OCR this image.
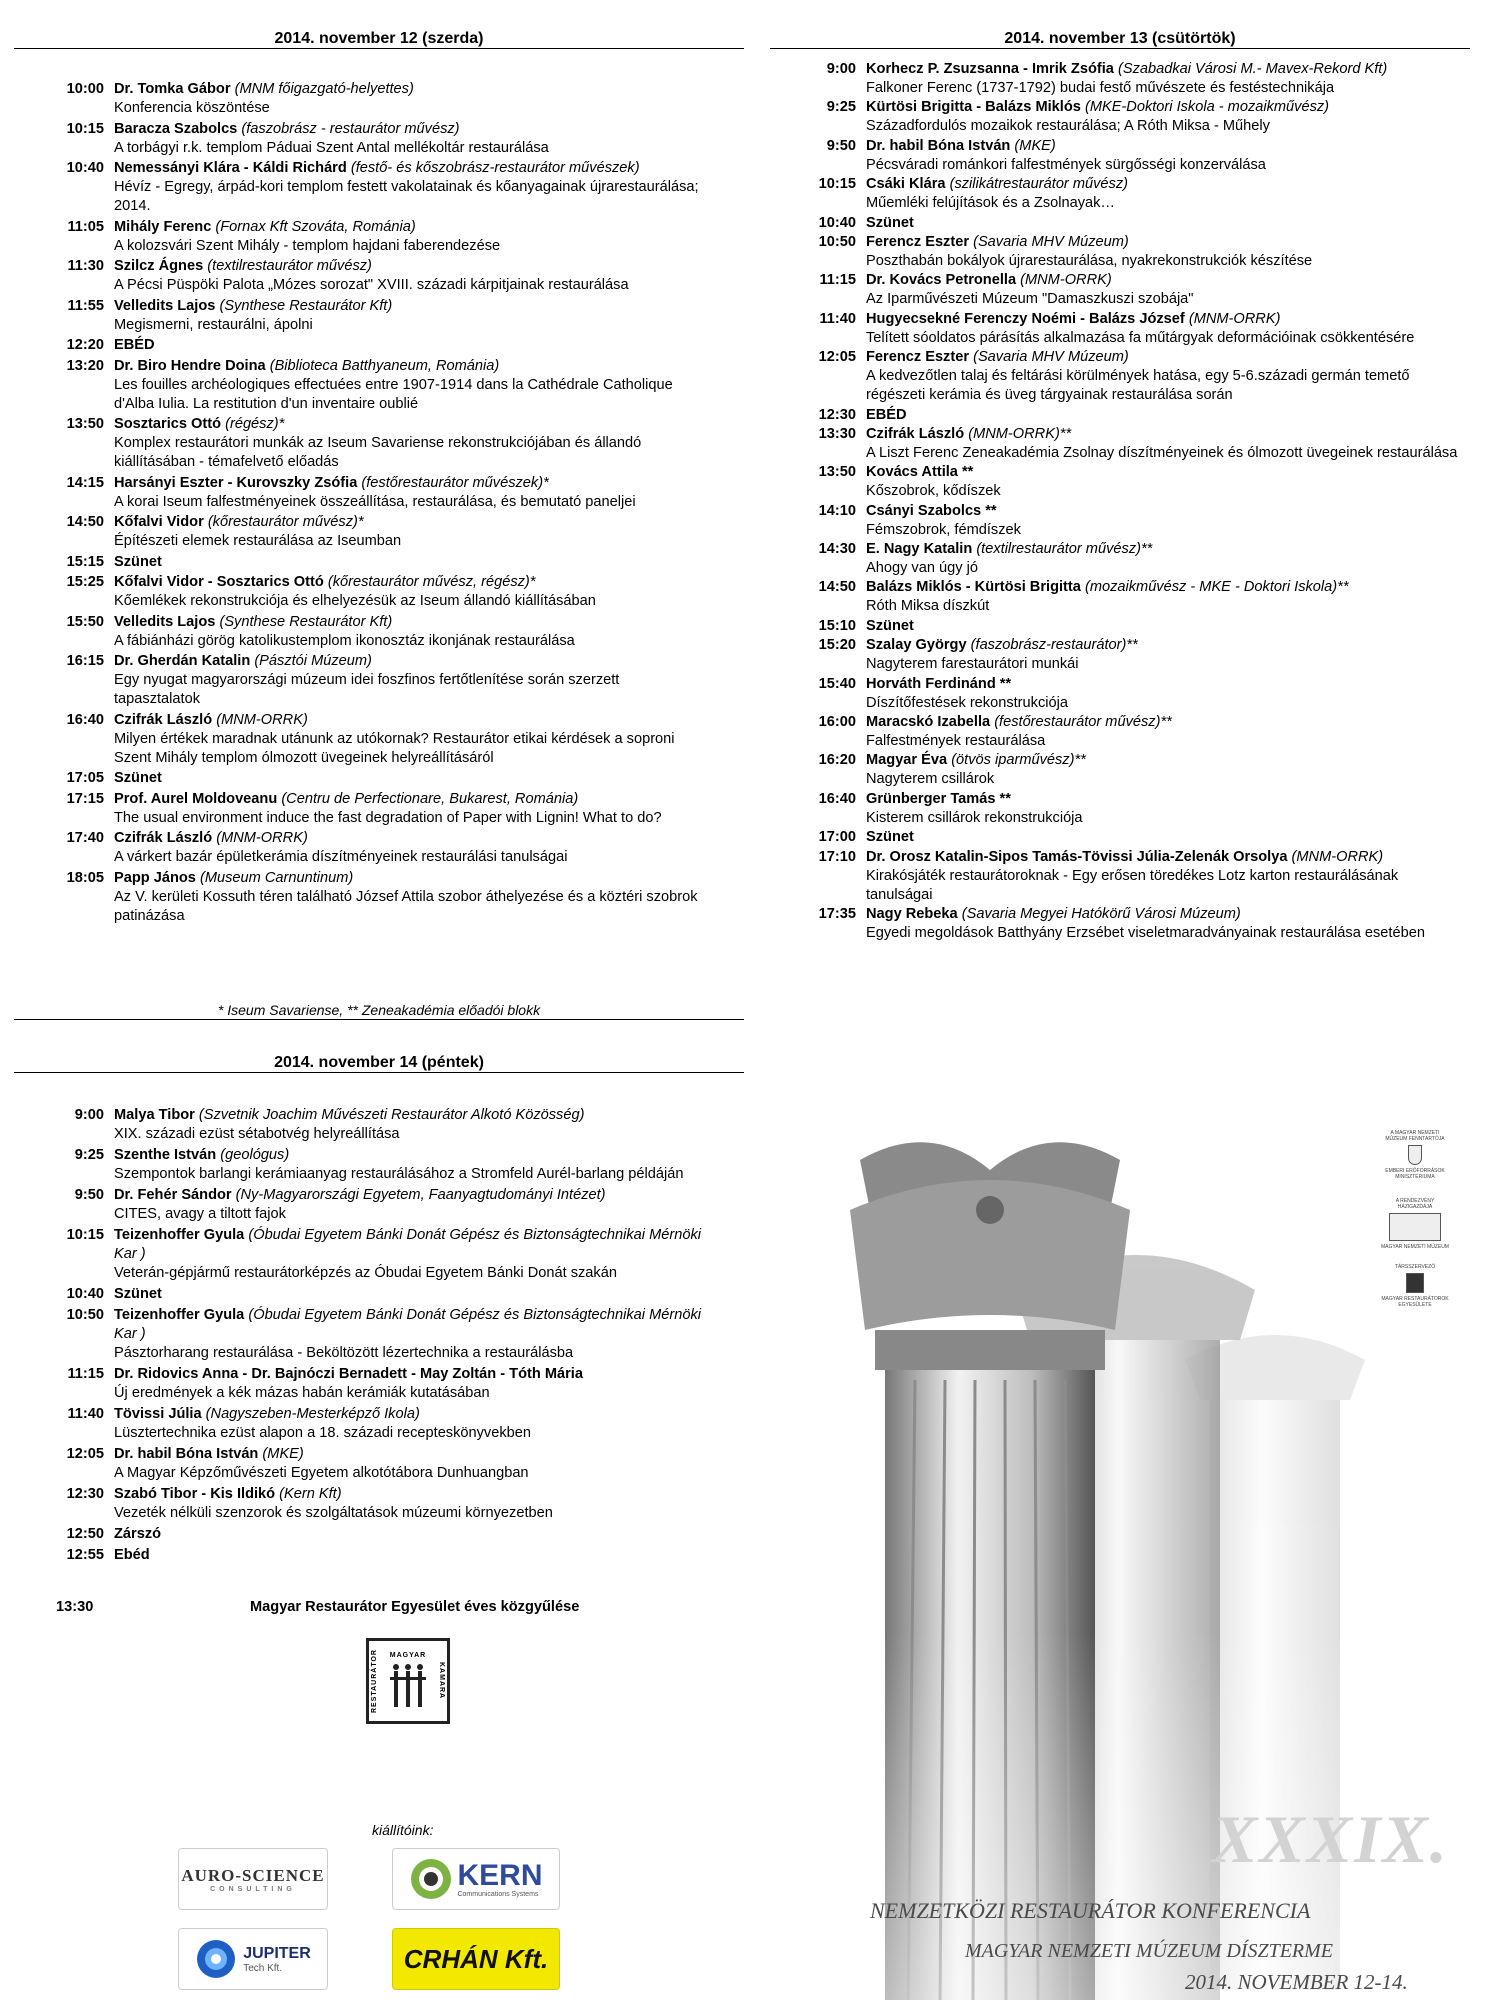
2014. november 12 (szerda)
10:00 Dr. Tomka Gábor (MNM főigazgató-helyettes)
Konferencia köszöntése
10:15 Baracza Szabolcs (faszobrász - restaurátor művész)
A torbágyi r.k. templom Páduai Szent Antal mellékoltár restaurálása
10:40 Nemessányi Klára - Káldi Richárd (festő- és kőszobrász-restaurátor művészek)
Hévíz - Egregy, árpád-kori templom festett vakolatainak és kőanyagainak újrarestaurálása; 2014.
11:05 Mihály Ferenc (Fornax Kft Szováta, Románia)
A kolozsvári Szent Mihály - templom hajdani faberendezése
11:30 Szilcz Ágnes (textilrestaurátor művész)
A Pécsi Püspöki Palota „Mózes sorozat" XVIII. századi kárpitjainak restaurálása
11:55 Velledits Lajos (Synthese Restaurátor Kft)
Megismerni, restaurálni, ápolni
12:20 EBÉD
13:20 Dr. Biro Hendre Doina (Biblioteca Batthyaneum, Románia)
Les fouilles archéologiques effectuées entre 1907-1914 dans la Cathédrale Catholique d'Alba Iulia. La restitution d'un inventaire oublié
13:50 Sosztarics Ottó (régész)*
Komplex restaurátori munkák az Iseum Savariense rekonstrukciójában és állandó kiállításában - témafelvető előadás
14:15 Harsányi Eszter - Kurovszky Zsófia (festőrestaurátor művészek)*
A korai Iseum falfestményeinek összeállítása, restaurálása, és bemutató paneljei
14:50 Kőfalvi Vidor (kőrestaurátor művész)*
Építészeti elemek restaurálása az Iseumban
15:15 Szünet
15:25 Kőfalvi Vidor - Sosztarics Ottó (kőrestaurátor művész, régész)*
Kőemlékek rekonstrukciója és elhelyezésük az Iseum állandó kiállításában
15:50 Velledits Lajos (Synthese Restaurátor Kft)
A fábiánházi görög katolikustemplom ikonosztáz ikonjának restaurálása
16:15 Dr. Gherdán Katalin (Pásztói Múzeum)
Egy nyugat magyarországi múzeum idei foszfinos fertőtlenítése során szerzett tapasztalatok
16:40 Czifrák László (MNM-ORRK)
Milyen értékek maradnak utánunk az utókornak? Restaurátor etikai kérdések a soproni Szent Mihály templom ólmozott üvegeinek helyreállításáról
17:05 Szünet
17:15 Prof. Aurel Moldoveanu (Centru de Perfectionare, Bukarest, Románia)
The usual environment induce the fast degradation of Paper with Lignin! What to do?
17:40 Czifrák László (MNM-ORRK)
A várkert bazár épületkerámia díszítményeinek restaurálási tanulságai
18:05 Papp János (Museum Carnuntinum)
Az V. kerületi Kossuth téren található József Attila szobor áthelyezése és a köztéri szobrok patinázása
* Iseum Savariense, ** Zeneakadémia előadói blokk
2014. november 13 (csütörtök)
9:00 Korhecz P. Zsuzsanna - Imrik Zsófia (Szabadkai Városi M.- Mavex-Rekord Kft)
Falkoner Ferenc (1737-1792) budai festő művészete és festéstechnikája
9:25 Kürtösi Brigitta - Balázs Miklós (MKE-Doktori Iskola - mozaikművész)
Századfordulós mozaikok restaurálása; A Róth Miksa - Műhely
9:50 Dr. habil Bóna István (MKE)
Pécsváradi románkori falfestmények sürgősségi konzerválása
10:15 Csáki Klára (szilikátrestaurátor művész)
Műemléki felújítások és a Zsolnayak…
10:40 Szünet
10:50 Ferencz Eszter (Savaria MHV Múzeum)
Poszthabán bokályok újrarestaurálása, nyakrekonstrukciók készítése
11:15 Dr. Kovács Petronella (MNM-ORRK)
Az Iparművészeti Múzeum "Damaszkuszi szobája"
11:40 Hugyecsekné Ferenczy Noémi - Balázs József (MNM-ORRK)
Telített sóoldatos párásítás alkalmazása fa műtárgyak deformációinak csökkentésére
12:05 Ferencz Eszter (Savaria MHV Múzeum)
A kedvezőtlen talaj és feltárási körülmények hatása, egy 5-6.századi germán temető régészeti kerámia és üveg tárgyainak restaurálása során
12:30 EBÉD
13:30 Czifrák László (MNM-ORRK)**
A Liszt Ferenc Zeneakadémia Zsolnay díszítményeinek és ólmozott üvegeinek restaurálása
13:50 Kovács Attila **
Kőszobrok, kődíszek
14:10 Csányi Szabolcs **
Fémszobrok, fémdíszek
14:30 E. Nagy Katalin (textilrestaurátor művész)**
Ahogy van úgy jó
14:50 Balázs Miklós - Kürtösi Brigitta (mozaikművész - MKE - Doktori Iskola)**
Róth Miksa díszkút
15:10 Szünet
15:20 Szalay György (faszobrász-restaurátor)**
Nagyterem farestaurátori munkái
15:40 Horváth Ferdinánd **
Díszítőfestések rekonstrukciója
16:00 Maracskó Izabella (festőrestaurátor művész)**
Falfestmények restaurálása
16:20 Magyar Éva (ötvös iparművész)**
Nagyterem csillárok
16:40 Grünberger Tamás **
Kisterem csillárok rekonstrukciója
17:00 Szünet
17:10 Dr. Orosz Katalin-Sipos Tamás-Tövissi Júlia-Zelenák Orsolya (MNM-ORRK)
Kirakósjáték restaurátoroknak - Egy erősen töredékes Lotz karton restaurálásának tanulságai
17:35 Nagy Rebeka (Savaria Megyei Hatókörű Városi Múzeum)
Egyedi megoldások Batthyány Erzsébet viseletmaradványainak restaurálása esetében
2014. november 14 (péntek)
9:00 Malya Tibor (Szvetnik Joachim Művészeti Restaurátor Alkotó Közösség)
XIX. századi ezüst sétabotvég helyreállítása
9:25 Szenthe István (geológus)
Szempontok barlangi kerámiaanyag restaurálásához a Stromfeld Aurél-barlang példáján
9:50 Dr. Fehér Sándor (Ny-Magyarországi Egyetem, Faanyagtudományi Intézet)
CITES, avagy a tiltott fajok
10:15 Teizenhoffer Gyula (Óbudai Egyetem Bánki Donát Gépész és Biztonságtechnikai Mérnöki Kar )
Veterán-gépjármű restaurátorképzés az Óbudai Egyetem Bánki Donát szakán
10:40 Szünet
10:50 Teizenhoffer Gyula (Óbudai Egyetem Bánki Donát Gépész és Biztonságtechnikai Mérnöki Kar )
Pásztorharang restaurálása - Beköltözött lézertechnika a restaurálásba
11:15 Dr. Ridovics Anna - Dr. Bajnóczi Bernadett - May Zoltán - Tóth Mária
Új eredmények a kék mázas habán kerámiák kutatásában
11:40 Tövissi Júlia (Nagyszeben-Mesterképző Ikola)
Lüsztertechnika ezüst alapon a 18. századi recepteskönyvekben
12:05 Dr. habil Bóna István (MKE)
A Magyar Képzőművészeti Egyetem alkotótábora Dunhuangban
12:30 Szabó Tibor - Kis Ildikó (Kern Kft)
Vezeték nélküli szenzorok és szolgáltatások múzeumi környezetben
12:50 Zárszó
12:55 Ebéd
13:30	Magyar Restaurátor Egyesület éves közgyűlése
RESTAURÁTOR MAGYAR
KAMARA
kiállítóink:
AURO-SCIENCE
CONSULTING	KERN
Communications Systems
JUPITER
Tech Kft.	CRHÁN Kft.
XXXIX.
NEMZETKÖZI RESTAURÁTOR KONFERENCIA
MAGYAR NEMZETI MÚZEUM DÍSZTERME
2014. NOVEMBER 12-14.
A MAGYAR NEMZETI MÚZEUM FENNTARTÓJA
EMBERI ERŐFORRÁSOK MINISZTÉRIUMA
A RENDEZVÉNY HÁZIGAZDÁJA
MAGYAR NEMZETI MÚZEUM
TÁRSSZERVEZŐ
MAGYAR RESTAURÁTOROK EGYESÜLETE
